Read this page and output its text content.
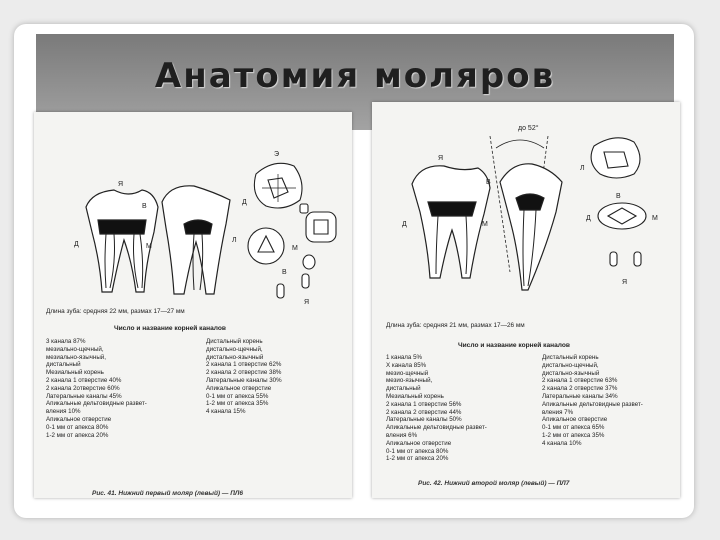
Анатомия моляров
Я
В
Д	М
Э
Д
Л
М
В
Я
Длина зуба: средняя 22 мм, размах 17—27 мм
Число и название корней каналов
3 канала 87%
мезиально-щечный,
мезиально-язычный,
дистальный
Мезиальный корень
2 канала 1 отверстие 40%
2 канала 2отверстие 60%
Латеральные каналы 45%
Апикальные дельтовидные развет-
вления 10%
Апикальное отверстие
0-1 мм от апекса 80%
1-2 мм от апекса 20%
Дистальный корень
дистально-щечный,
дистально-язычный
2 канала 1 отверстие 62%
2 канала 2 отверстие 38%
Латеральные каналы 30%
Апикальное отверстие
0-1 мм от апекса 55%
1-2 мм от апекса 35%
4 канала 15%
Рис. 41. Нижний первый моляр (левый) — ПЛ6
до 52°
Я
В
Д	М
Л
Д
В
М
Я
Длина зуба: средняя 21 мм, размах 17—26 мм
Число и название корней каналов
1 канала 5%
X канала 85%
мезио-щечный
мезио-язычный,
дистальный
Мезиальный корень
2 канала 1 отверстие 56%
2 канала 2 отверстие 44%
Латеральные каналы 50%
Апикальные дельтовидные развет-
вления 6%
Апикальное отверстие
0-1 мм от апекса 80%
1-2 мм от апекса 20%
Дистальный корень
дистально-щечный,
дистально-язычный
2 канала 1 отверстие 63%
2 канала 2 отверстие 37%
Латеральные каналы 34%
Апикальные дельтовидные развет-
вления 7%
Апикальное отверстие
0-1 мм от апекса 65%
1-2 мм от апекса 35%
4 канала 10%
Рис. 42. Нижний второй моляр (левый) — ПЛ7
